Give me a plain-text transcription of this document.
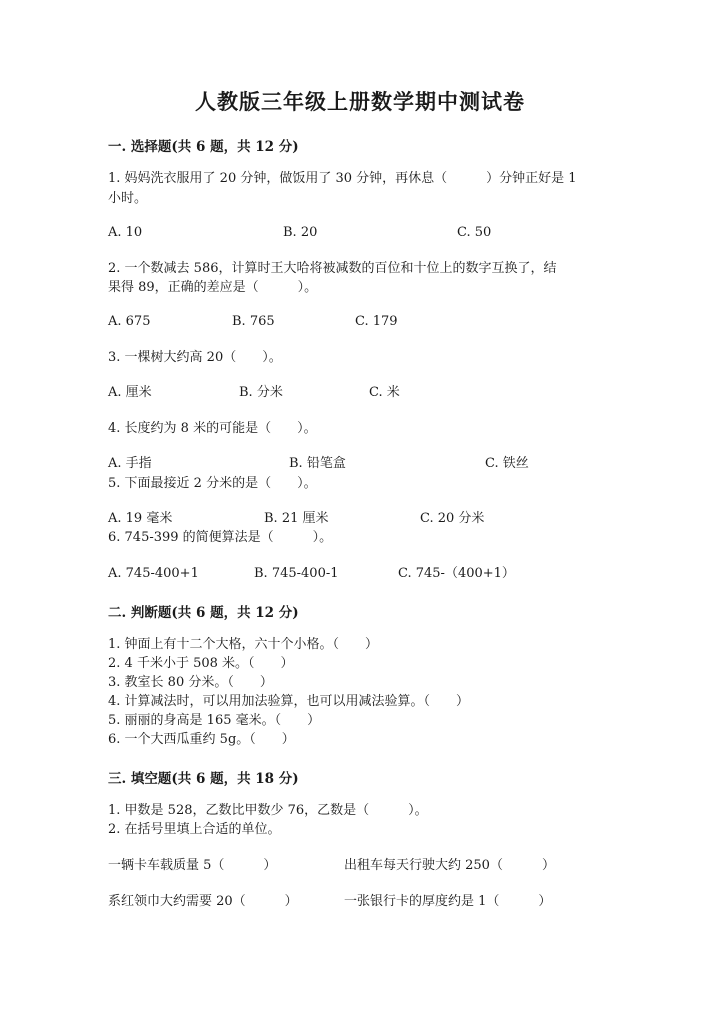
人教版三年级上册数学期中测试卷
一. 选择题(共 6 题，共 12 分)
1. 妈妈洗衣服用了 20 分钟，做饭用了 30 分钟，再休息（　　　）分钟正好是 1
小时。
A. 10	B. 20	C. 50
2. 一个数减去 586，计算时王大哈将被减数的百位和十位上的数字互换了，结
果得 89，正确的差应是（　　　）。
A. 675	B. 765	C. 179
3. 一棵树大约高 20（　　）。
A. 厘米	B. 分米	C. 米
4. 长度约为 8 米的可能是（　　）。
A. 手指	B. 铅笔盒	C. 铁丝
5. 下面最接近 2 分米的是（　　）。
A. 19 毫米	B. 21 厘米	C. 20 分米
6. 745-399 的简便算法是（　　　）。
A. 745-400+1	B. 745-400-1	C. 745-（400+1）
二. 判断题(共 6 题，共 12 分)
1. 钟面上有十二个大格，六十个小格。（　　）
2. 4 千米小于 508 米。（　　）
3. 教室长 80 分米。（　　）
4. 计算减法时，可以用加法验算，也可以用减法验算。（　　）
5. 丽丽的身高是 165 毫米。（　　）
6. 一个大西瓜重约 5g。（　　）
三. 填空题(共 6 题，共 18 分)
1. 甲数是 528，乙数比甲数少 76，乙数是（　　　）。
2. 在括号里填上合适的单位。
一辆卡车载质量 5（　　　）	出租车每天行驶大约 250（　　　）
系红领巾大约需要 20（　　　）	一张银行卡的厚度约是 1（　　　）
